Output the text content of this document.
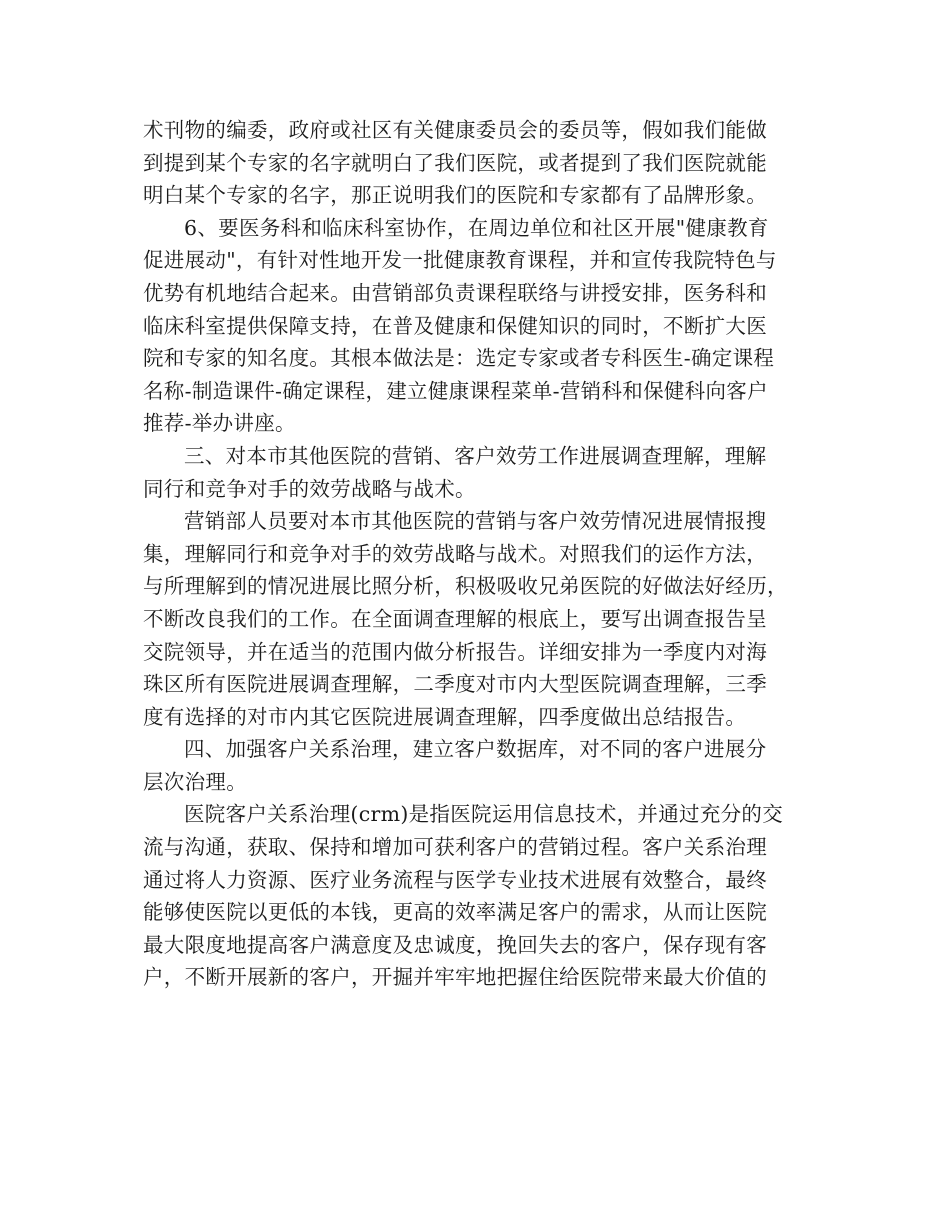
术刊物的编委，政府或社区有关健康委员会的委员等，假如我们能做
到提到某个专家的名字就明白了我们医院，或者提到了我们医院就能
明白某个专家的名字，那正说明我们的医院和专家都有了品牌形象。
6、要医务科和临床科室协作，在周边单位和社区开展"健康教育
促进展动"，有针对性地开发一批健康教育课程，并和宣传我院特色与
优势有机地结合起来。由营销部负责课程联络与讲授安排，医务科和
临床科室提供保障支持，在普及健康和保健知识的同时，不断扩大医
院和专家的知名度。其根本做法是：选定专家或者专科医生-确定课程
名称-制造课件-确定课程，建立健康课程菜单-营销科和保健科向客户
推荐-举办讲座。
三、对本市其他医院的营销、客户效劳工作进展调查理解，理解
同行和竞争对手的效劳战略与战术。
营销部人员要对本市其他医院的营销与客户效劳情况进展情报搜
集，理解同行和竞争对手的效劳战略与战术。对照我们的运作方法，
与所理解到的情况进展比照分析，积极吸收兄弟医院的好做法好经历，
不断改良我们的工作。在全面调查理解的根底上，要写出调查报告呈
交院领导，并在适当的范围内做分析报告。详细安排为一季度内对海
珠区所有医院进展调查理解，二季度对市内大型医院调查理解，三季
度有选择的对市内其它医院进展调查理解，四季度做出总结报告。
四、加强客户关系治理，建立客户数据库，对不同的客户进展分
层次治理。
医院客户关系治理(crm)是指医院运用信息技术，并通过充分的交
流与沟通，获取、保持和增加可获利客户的营销过程。客户关系治理
通过将人力资源、医疗业务流程与医学专业技术进展有效整合，最终
能够使医院以更低的本钱，更高的效率满足客户的需求，从而让医院
最大限度地提高客户满意度及忠诚度，挽回失去的客户，保存现有客
户，不断开展新的客户，开掘并牢牢地把握住给医院带来最大价值的
